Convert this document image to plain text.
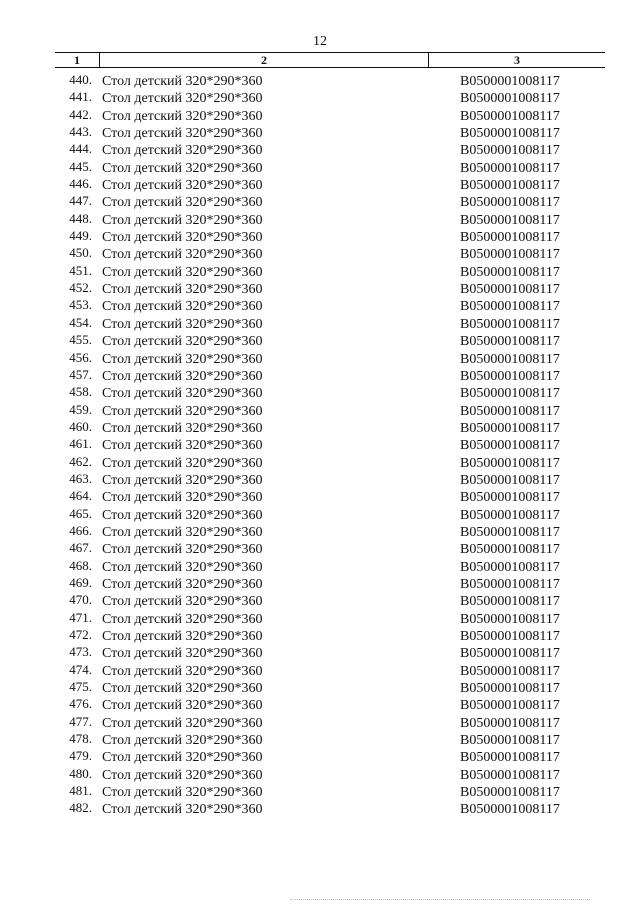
12
1	2	3
440. Стол детский 320*290*360	B0500001008117
441. Стол детский 320*290*360	B0500001008117
442. Стол детский 320*290*360	B0500001008117
443. Стол детский 320*290*360	B0500001008117
444. Стол детский 320*290*360	B0500001008117
445. Стол детский 320*290*360	B0500001008117
446. Стол детский 320*290*360	B0500001008117
447. Стол детский 320*290*360	B0500001008117
448. Стол детский 320*290*360	B0500001008117
449. Стол детский 320*290*360	B0500001008117
450. Стол детский 320*290*360	B0500001008117
451. Стол детский 320*290*360	B0500001008117
452. Стол детский 320*290*360	B0500001008117
453. Стол детский 320*290*360	B0500001008117
454. Стол детский 320*290*360	B0500001008117
455. Стол детский 320*290*360	B0500001008117
456. Стол детский 320*290*360	B0500001008117
457. Стол детский 320*290*360	B0500001008117
458. Стол детский 320*290*360	B0500001008117
459. Стол детский 320*290*360	B0500001008117
460. Стол детский 320*290*360	B0500001008117
461. Стол детский 320*290*360	B0500001008117
462. Стол детский 320*290*360	B0500001008117
463. Стол детский 320*290*360	B0500001008117
464. Стол детский 320*290*360	B0500001008117
465. Стол детский 320*290*360	B0500001008117
466. Стол детский 320*290*360	B0500001008117
467. Стол детский 320*290*360	B0500001008117
468. Стол детский 320*290*360	B0500001008117
469. Стол детский 320*290*360	B0500001008117
470. Стол детский 320*290*360	B0500001008117
471. Стол детский 320*290*360	B0500001008117
472. Стол детский 320*290*360	B0500001008117
473. Стол детский 320*290*360	B0500001008117
474. Стол детский 320*290*360	B0500001008117
475. Стол детский 320*290*360	B0500001008117
476. Стол детский 320*290*360	B0500001008117
477. Стол детский 320*290*360	B0500001008117
478. Стол детский 320*290*360	B0500001008117
479. Стол детский 320*290*360	B0500001008117
480. Стол детский 320*290*360	B0500001008117
481. Стол детский 320*290*360	B0500001008117
482. Стол детский 320*290*360	B0500001008117
